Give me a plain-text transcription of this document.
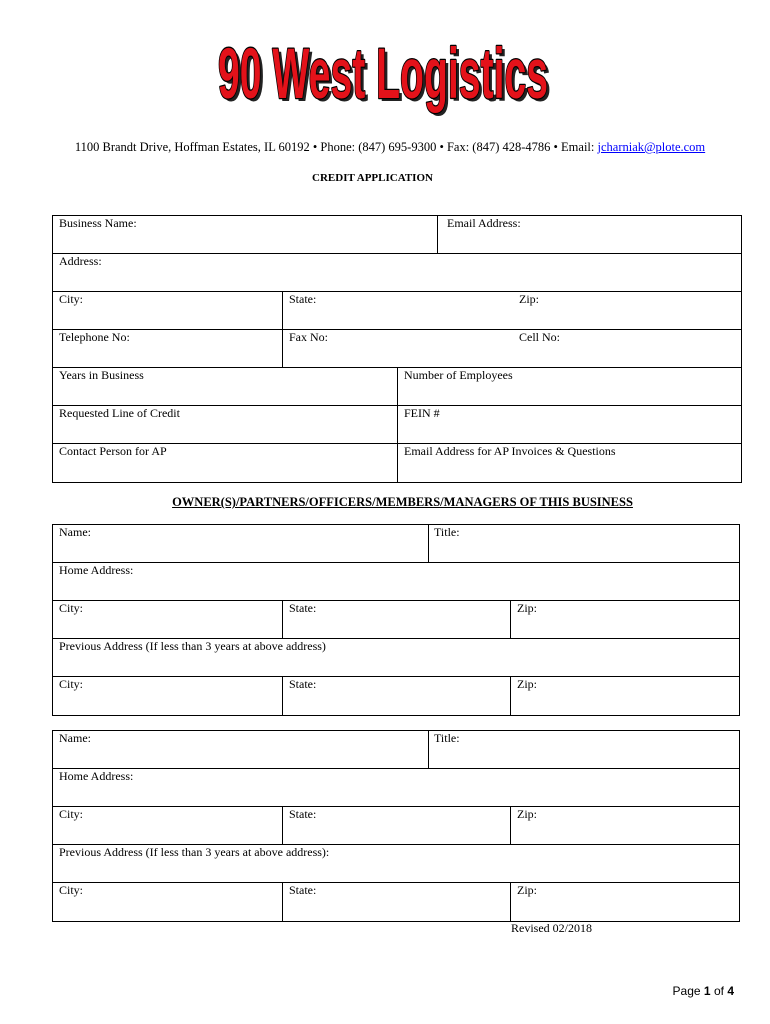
90 West Logistics
90 West Logistics
1100 Brandt Drive, Hoffman Estates, IL 60192 • Phone: (847) 695-9300 • Fax: (847) 428-4786 • Email: jcharniak@plote.com
CREDIT APPLICATION
Business Name:	Email Address:
Address:
City:	State:	Zip:
Telephone No:	Fax No:	Cell No:
Years in Business	Number of Employees
Requested Line of Credit	FEIN #
Contact Person for AP	Email Address for AP Invoices & Questions
OWNER(S)/PARTNERS/OFFICERS/MEMBERS/MANAGERS OF THIS BUSINESS
Name:	Title:
Home Address:
City:	State:	Zip:
Previous Address (If less than 3 years at above address)
City:	State:	Zip:
Name:	Title:
Home Address:
City:	State:	Zip:
Previous Address (If less than 3 years at above address):
City:	State:	Zip:
Revised 02/2018
Page 1 of 4
